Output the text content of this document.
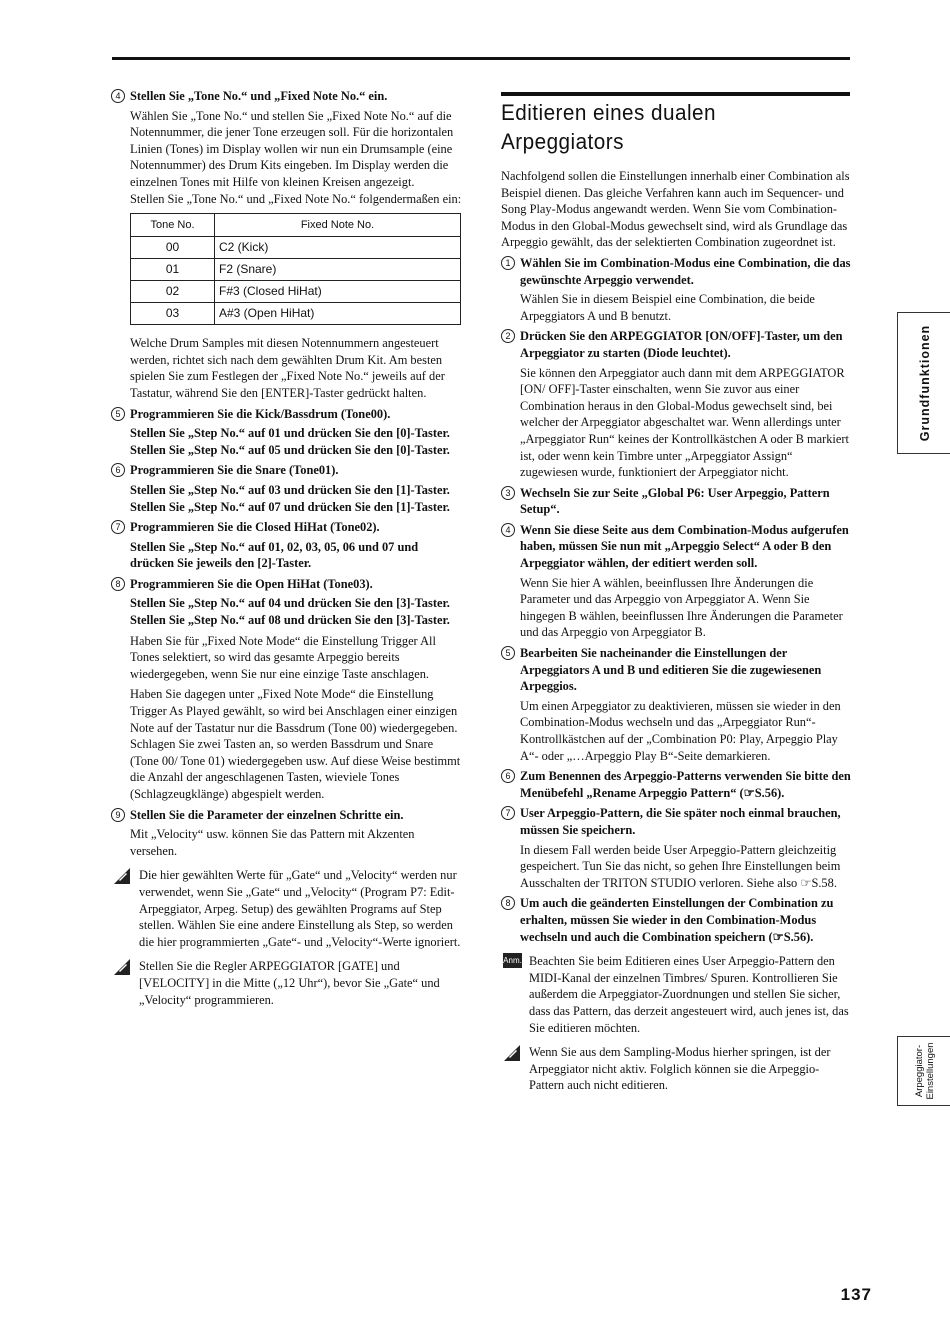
4 Stellen Sie „Tone No.“ und „Fixed Note No.“ ein.

Wählen Sie „Tone No.“ und stellen Sie „Fixed Note No.“ auf die Notennummer, die jener Tone erzeugen soll. Für die horizontalen Linien (Tones) im Display wollen wir nun ein Drumsample (eine Notennummer) des Drum Kits eingeben. Im Display werden die einzelnen Tones mit Hilfe von kleinen Kreisen angezeigt.

Stellen Sie „Tone No.“ und „Fixed Note No.“ folgendermaßen ein:

Tone No.	Fixed Note No.
00	C2 (Kick)
01	F2 (Snare)
02	F#3 (Closed HiHat)
03	A#3 (Open HiHat)

Welche Drum Samples mit diesen Notennummern angesteuert werden, richtet sich nach dem gewählten Drum Kit. Am besten spielen Sie zum Festlegen der „Fixed Note No.“ jeweils auf der Tastatur, während Sie den [ENTER]-Taster gedrückt halten.

5 Programmieren Sie die Kick/Bassdrum (Tone00).

Stellen Sie „Step No.“ auf 01 und drücken Sie den [0]-Taster. Stellen Sie „Step No.“ auf 05 und drücken Sie den [0]-Taster.

6 Programmieren Sie die Snare (Tone01).

Stellen Sie „Step No.“ auf 03 und drücken Sie den [1]-Taster. Stellen Sie „Step No.“ auf 07 und drücken Sie den [1]-Taster.

7 Programmieren Sie die Closed HiHat (Tone02).

Stellen Sie „Step No.“ auf 01, 02, 03, 05, 06 und 07 und drücken Sie jeweils den [2]-Taster.

8 Programmieren Sie die Open HiHat (Tone03).

Stellen Sie „Step No.“ auf 04 und drücken Sie den [3]-Taster. Stellen Sie „Step No.“ auf 08 und drücken Sie den [3]-Taster.

Haben Sie für „Fixed Note Mode“ die Einstellung Trigger All Tones selektiert, so wird das gesamte Arpeggio bereits wiedergegeben, wenn Sie nur eine einzige Taste anschlagen.

Haben Sie dagegen unter „Fixed Note Mode“ die Einstellung Trigger As Played gewählt, so wird bei Anschlagen einer einzigen Note auf der Tastatur nur die Bassdrum (Tone 00) wiedergegeben. Schlagen Sie zwei Tasten an, so werden Bassdrum und Snare (Tone 00/ Tone 01) wiedergegeben usw. Auf diese Weise bestimmt die Anzahl der angeschlagenen Tasten, wieviele Tones (Schlagzeugklänge) abgespielt werden.

9 Stellen Sie die Parameter der einzelnen Schritte ein.

Mit „Velocity“ usw. können Sie das Pattern mit Akzenten versehen.

Die hier gewählten Werte für „Gate“ und „Velocity“ werden nur verwendet, wenn Sie „Gate“ und „Velocity“ (Program P7: Edit-Arpeggiator, Arpeg. Setup) des gewählten Programs auf Step stellen. Wählen Sie eine andere Einstellung als Step, so werden die hier programmierten „Gate“- und „Velocity“-Werte ignoriert.
Stellen Sie die Regler ARPEGGIATOR [GATE] und [VELOCITY] in die Mitte („12 Uhr“), bevor Sie „Gate“ und „Velocity“ programmieren.
Editieren eines dualen Arpeggiators

Nachfolgend sollen die Einstellungen innerhalb einer Combination als Beispiel dienen. Das gleiche Verfahren kann auch im Sequencer- und Song Play-Modus angewandt werden. Wenn Sie vom Combination-Modus in den Global-Modus gewechselt sind, wird als Grundlage das Arpeggio gewählt, das der selektierten Combination zugeordnet ist.

1 Wählen Sie im Combination-Modus eine Combination, die das gewünschte Arpeggio verwendet.

Wählen Sie in diesem Beispiel eine Combination, die beide Arpeggiators A und B benutzt.

2 Drücken Sie den ARPEGGIATOR [ON/OFF]-Taster, um den Arpeggiator zu starten (Diode leuchtet).

Sie können den Arpeggiator auch dann mit dem ARPEGGIATOR [ON/ OFF]-Taster einschalten, wenn Sie zuvor aus einer Combination heraus in den Global-Modus gewechselt sind, bei welcher der Arpeggiator abgeschaltet war. Wenn allerdings unter „Arpeggiator Run“ keines der Kontrollkästchen A oder B markiert ist, oder wenn kein Timbre unter „Arpeggiator Assign“ zugewiesen wurde, funktioniert der Arpeggiator nicht.

3 Wechseln Sie zur Seite „Global P6: User Arpeggio, Pattern Setup“.
4 Wenn Sie diese Seite aus dem Combination-Modus aufgerufen haben, müssen Sie nun mit „Arpeggio Select“ A oder B den Arpeggiator wählen, der editiert werden soll.

Wenn Sie hier A wählen, beeinflussen Ihre Änderungen die Parameter und das Arpeggio von Arpeggiator A. Wenn Sie hingegen B wählen, beeinflussen Ihre Änderungen die Parameter und das Arpeggio von Arpeggiator B.

5 Bearbeiten Sie nacheinander die Einstellungen der Arpeggiators A und B und editieren Sie die zugewiesenen Arpeggios.

Um einen Arpeggiator zu deaktivieren, müssen sie wieder in den Combination-Modus wechseln und das „Arpeggiator Run“-Kontrollkästchen auf der „Combination P0: Play, Arpeggio Play A“- oder „…Arpeggio Play B“-Seite demarkieren.

6 Zum Benennen des Arpeggio-Patterns verwenden Sie bitte den Menübefehl „Rename Arpeggio Pattern“ (☞S.56).
7 User Arpeggio-Pattern, die Sie später noch einmal brauchen, müssen Sie speichern.

In diesem Fall werden beide User Arpeggio-Pattern gleichzeitig gespeichert. Tun Sie das nicht, so gehen Ihre Einstellungen beim Ausschalten der TRITON STUDIO verloren. Siehe also ☞S.58.

8 Um auch die geänderten Einstellungen der Combination zu erhalten, müssen Sie wieder in den Combination-Modus wechseln und auch die Combination speichern (☞S.56).
Anm. Beachten Sie beim Editieren eines User Arpeggio-Pattern den MIDI-Kanal der einzelnen Timbres/ Spuren. Kontrollieren Sie außerdem die Arpeggiator-Zuordnungen und stellen Sie sicher, dass das Pattern, das derzeit angesteuert wird, auch jenes ist, das Sie editieren möchten.
Wenn Sie aus dem Sampling-Modus hierher springen, ist der Arpeggiator nicht aktiv. Folglich können sie die Arpeggio-Pattern auch nicht editieren.
Grundfunktionen
Arpeggiator-
Einstellungen
137
